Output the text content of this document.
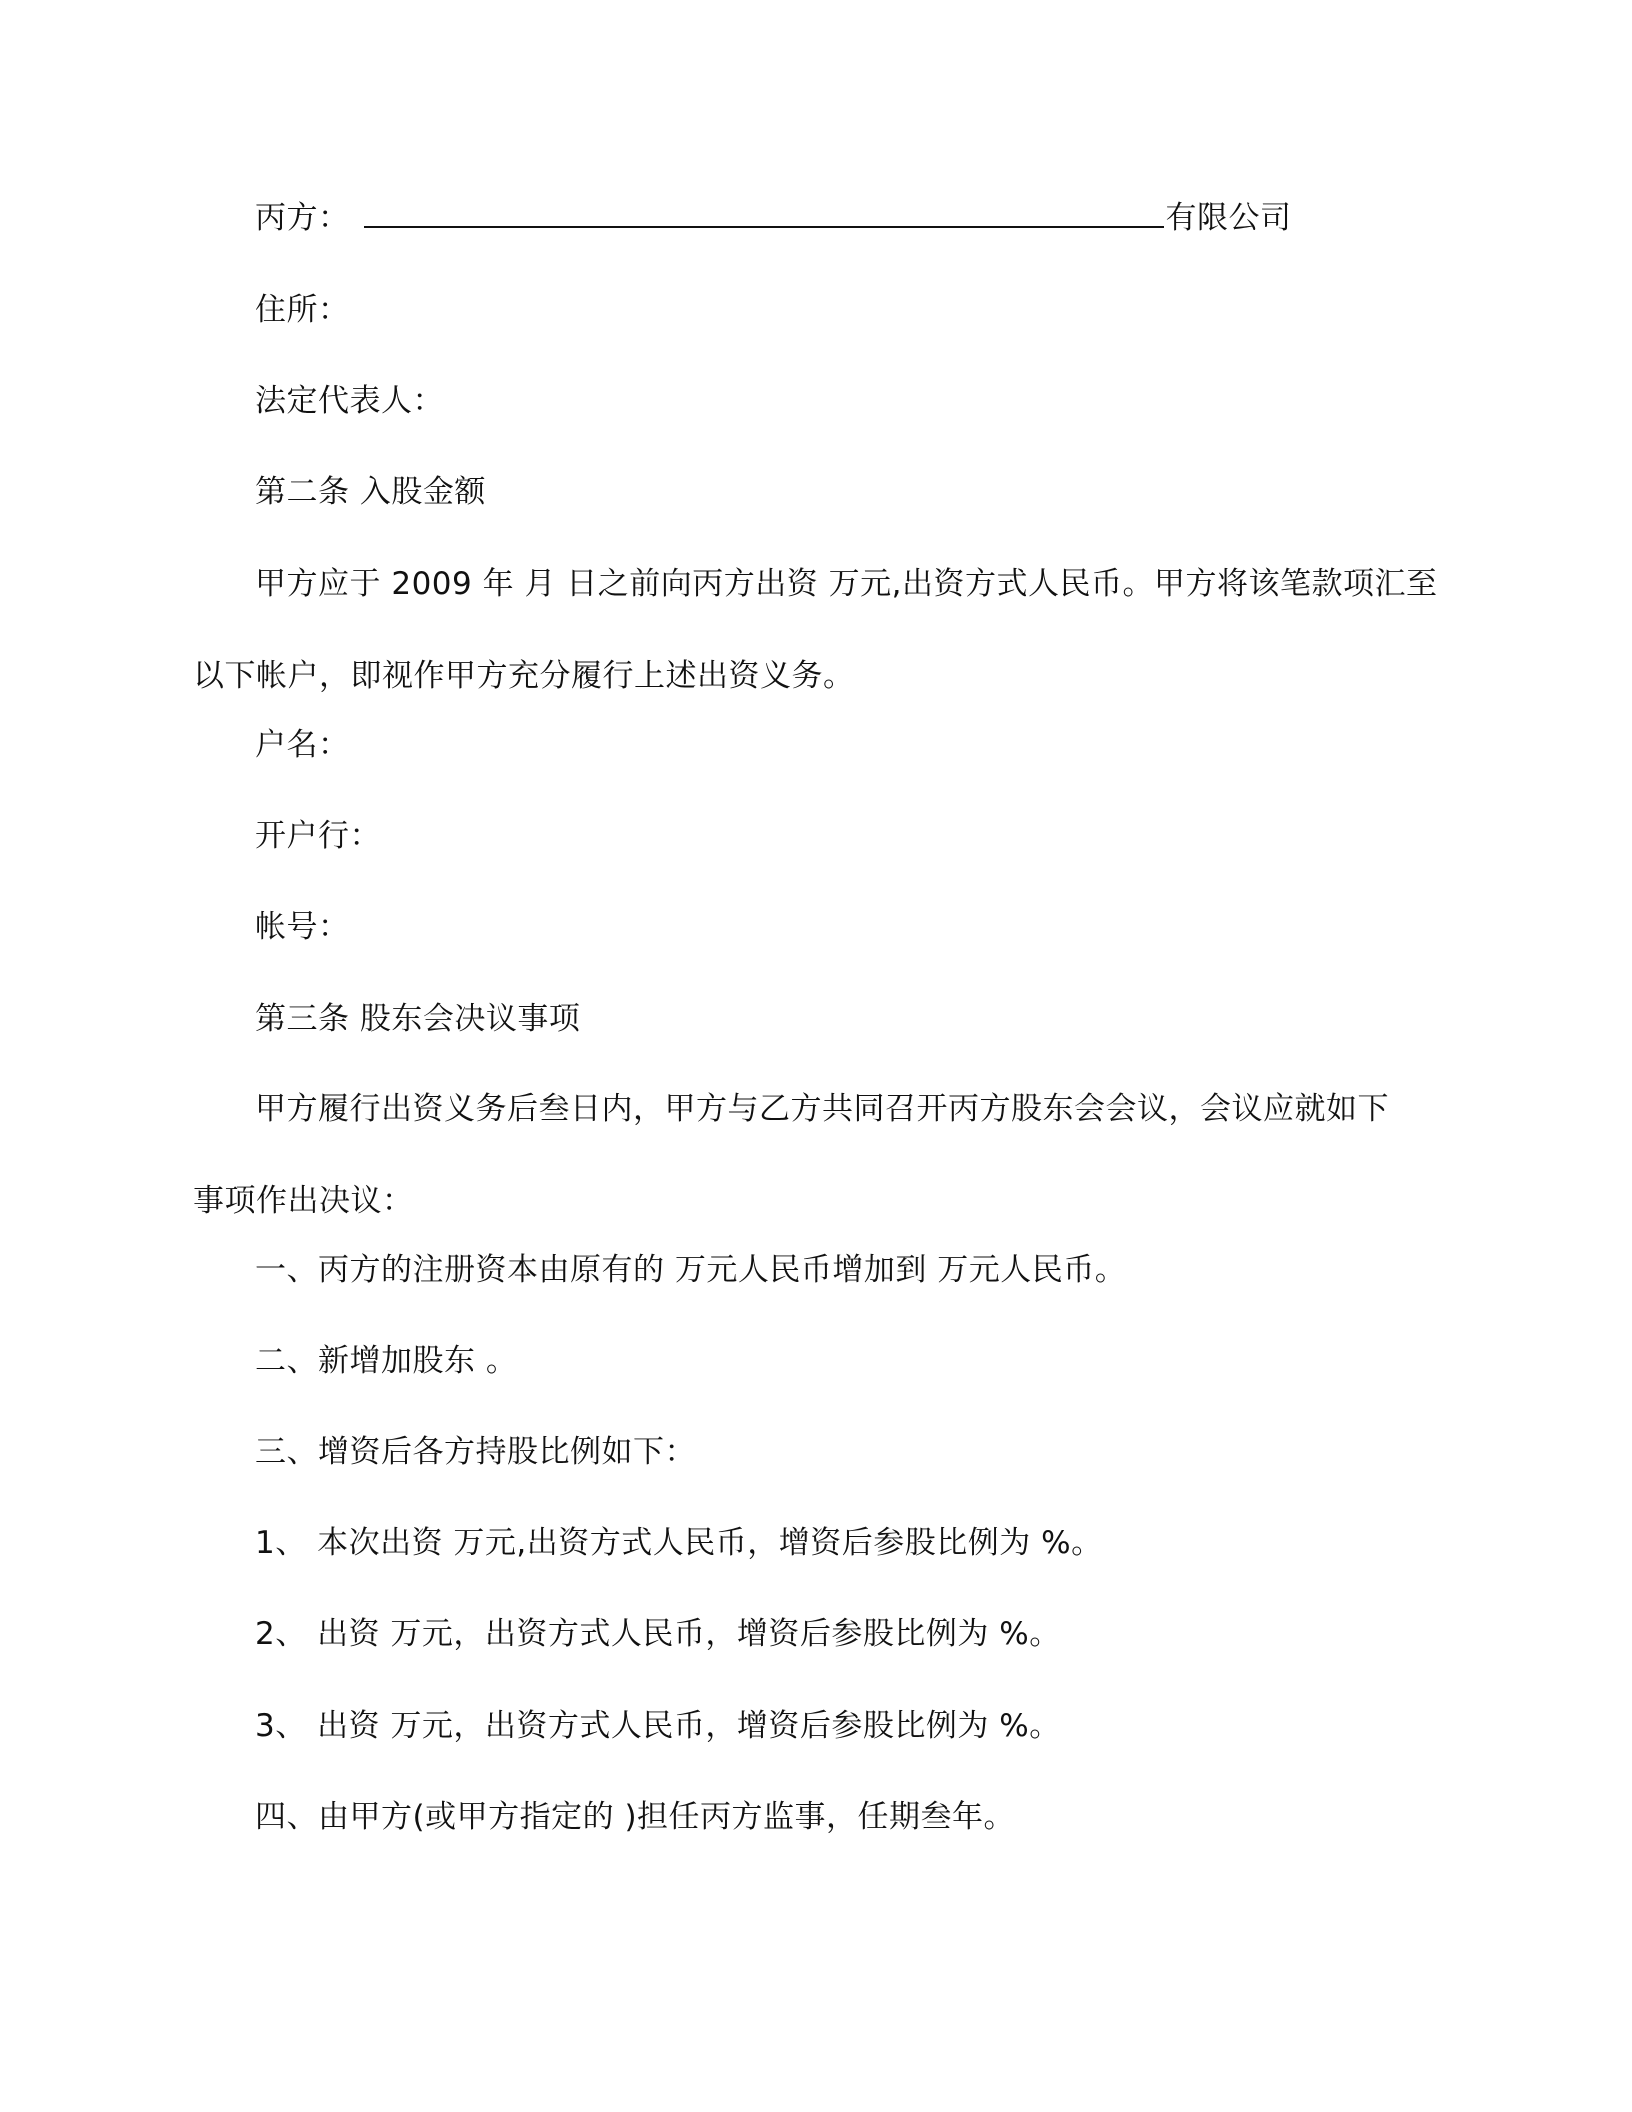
丙方：	有限公司
住所：
法定代表人：
第二条 入股金额
甲方应于 2009 年 月 日之前向丙方出资 万元,出资方式人民币。甲方将该笔款项汇至
以下帐户，即视作甲方充分履行上述出资义务。
户名：
开户行：
帐号：
第三条 股东会决议事项
甲方履行出资义务后叁日内，甲方与乙方共同召开丙方股东会会议，会议应就如下
事项作出决议：
一、丙方的注册资本由原有的 万元人民币增加到 万元人民币。
二、新增加股东 。
三、增资后各方持股比例如下：
1、 本次出资 万元,出资方式人民币，增资后参股比例为 %。
2、 出资 万元，出资方式人民币，增资后参股比例为 %。
3、 出资 万元，出资方式人民币，增资后参股比例为 %。
四、由甲方(或甲方指定的 )担任丙方监事，任期叁年。
